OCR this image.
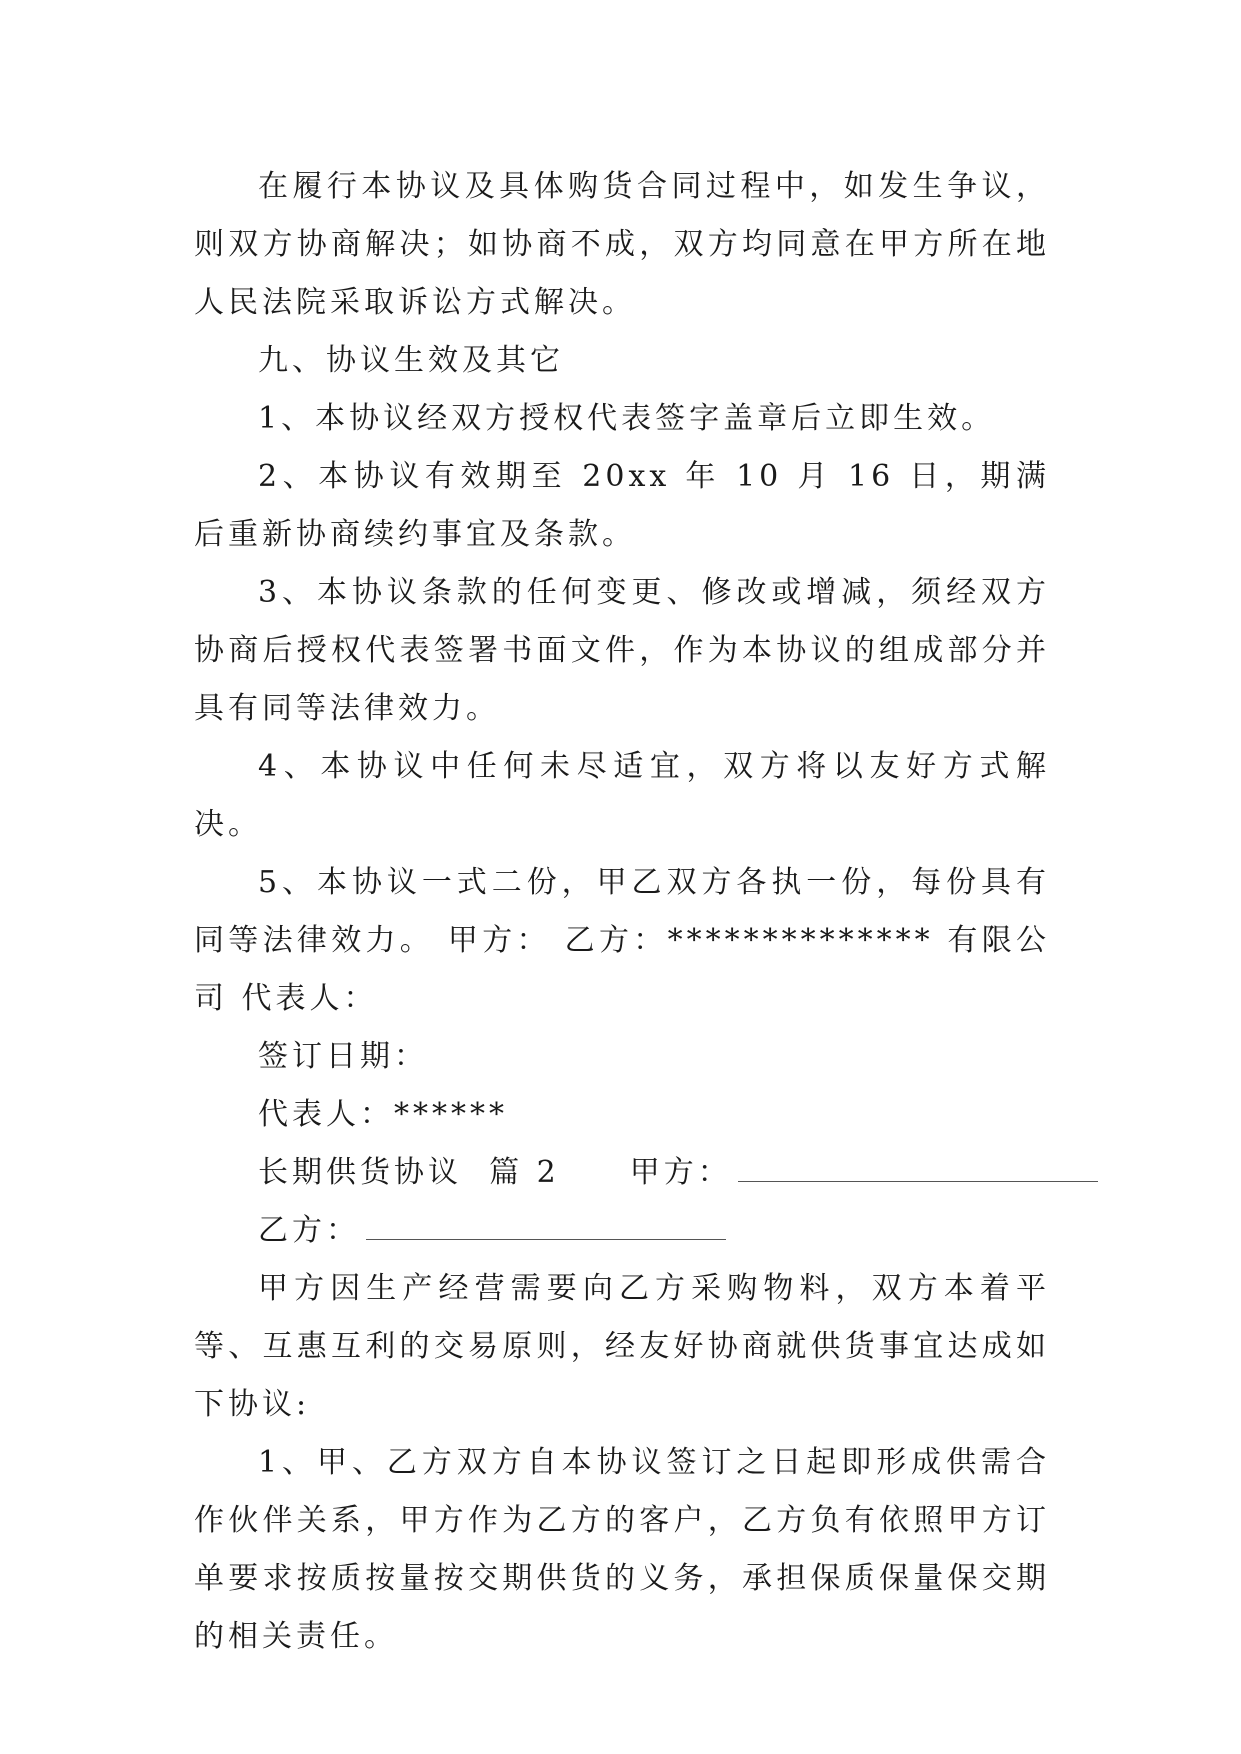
在履行本协议及具体购货合同过程中，如发生争议，则双方协商解决；如协商不成，双方均同意在甲方所在地人民法院采取诉讼方式解决。

九、协议生效及其它

1、本协议经双方授权代表签字盖章后立即生效。

2、本协议有效期至 20xx 年 10 月 16 日，期满后重新协商续约事宜及条款。

3、本协议条款的任何变更、修改或增减，须经双方协商后授权代表签署书面文件，作为本协议的组成部分并具有同等法律效力。

4、本协议中任何未尽适宜，双方将以友好方式解决。

5、本协议一式二份，甲乙双方各执一份，每份具有同等法律效力。 甲方： 乙方：************** 有限公司 代表人：

签订日期：

代表人：******

长期供货协议 篇 2 甲方：

乙方：

甲方因生产经营需要向乙方采购物料，双方本着平等、互惠互利的交易原则，经友好协商就供货事宜达成如下协议:

1、甲、乙方双方自本协议签订之日起即形成供需合作伙伴关系，甲方作为乙方的客户，乙方负有依照甲方订单要求按质按量按交期供货的义务，承担保质保量保交期的相关责任。
